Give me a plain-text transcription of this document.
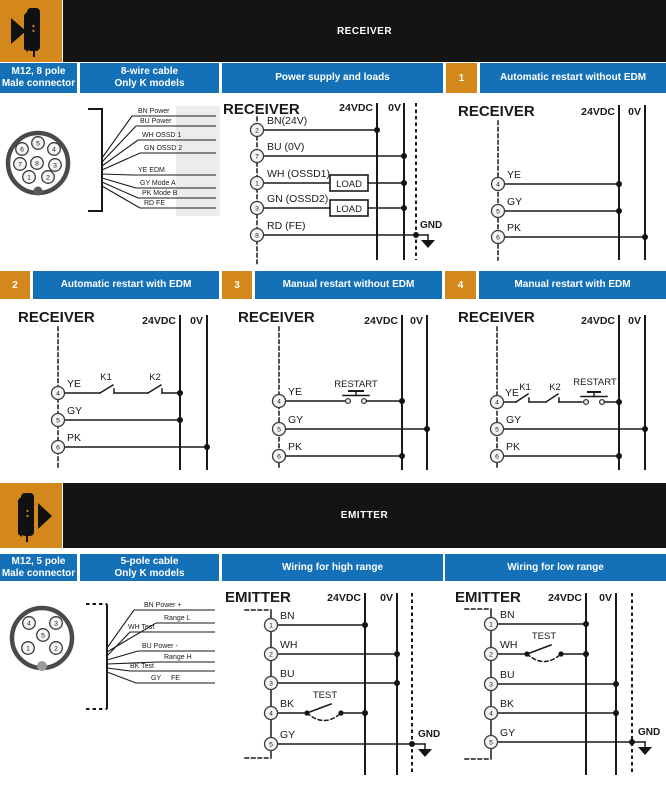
RECEIVER
M12, 8 pole
Male connector
8-wire cable
Only K models
Power supply and loads	1	Automatic restart without EDM
5
6	4
7 8 3
1 2
BN Power
BU Power
WH OSSD 1
GN OSSD 2
YE EDM
GY Mode A
PK Mode B
RD FE
RECEIVER	24VDC 0V
LOAD
LOAD
GND
2
7
1
3
8
BN(24V)
BU (0V)
WH (OSSD1)
GN (OSSD2)
RD (FE)
RECEIVER	24VDC 0V
4
5
6
YE
GY
PK
2	Automatic restart with EDM	3	Manual restart without EDM	4	Manual restart with EDM
RECEIVER	24VDC 0V
K1	K2
4
5
6
YE
GY
PK
RECEIVER	24VDC 0V
RESTART
4
5
6
YE
GY
PK
RECEIVER	24VDC 0V
K1 K2 RESTART
4
5
6
YE
GY
PK
EMITTER
M12, 5 pole
Male connector
5-pole cable
Only K models
Wiring for high range	Wiring for low range
4	3
5
1	2
BN Power +
Range L
WH Test
BU Power -
Range H
BK Test
GY FE
EMITTER	24VDC 0V
TEST
GND
1
2
3
4
5
BN
WH
BU
BK
GY
EMITTER	24VDC 0V
TEST
GND
1
2
3
4
5
BN
WH
BU
BK
GY
